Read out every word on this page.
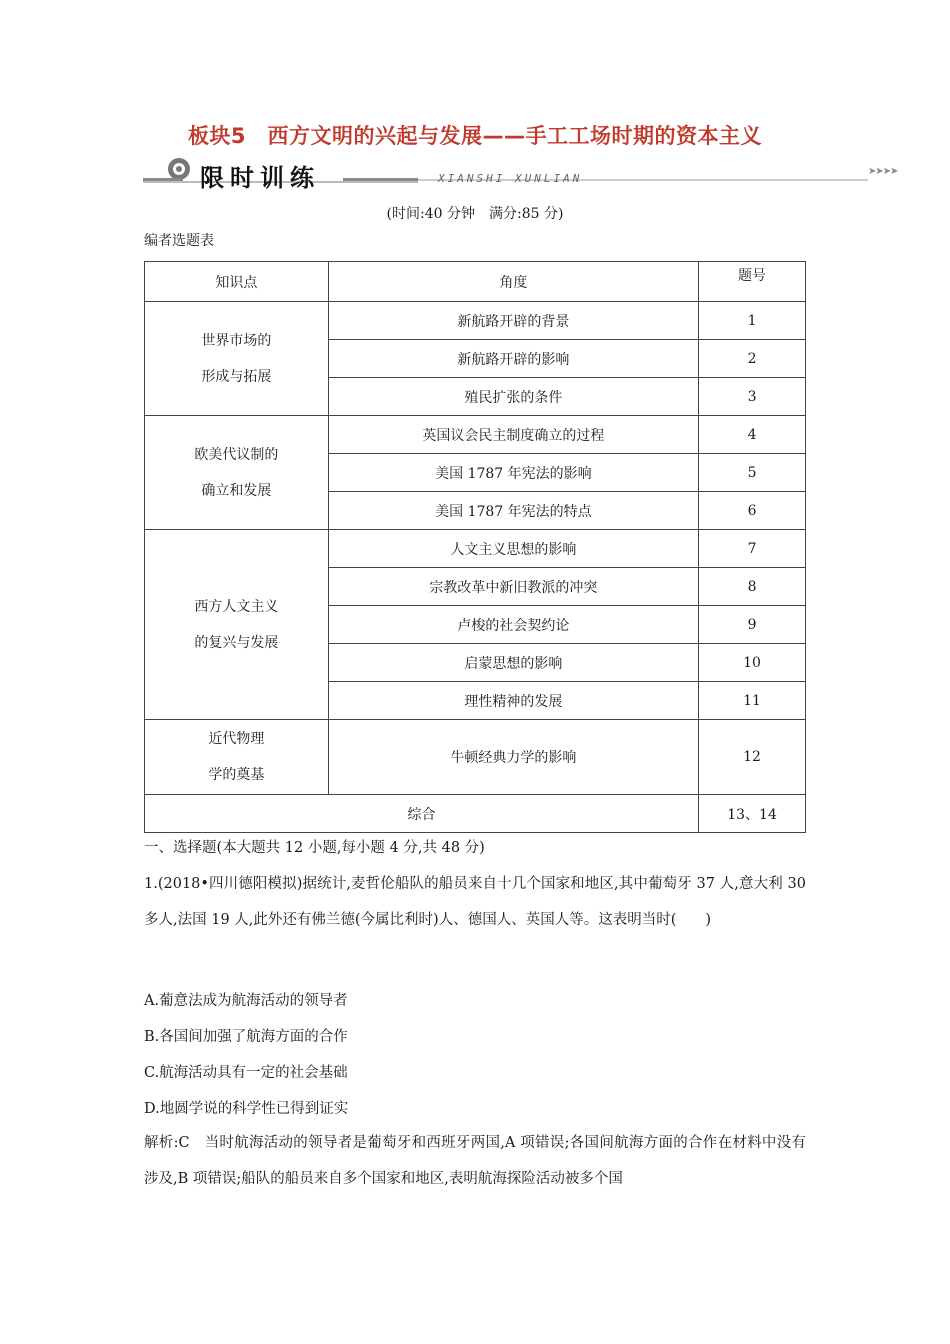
板块5　西方文明的兴起与发展——手工工场时期的资本主义
限时训练	XIANSHI XUNLIAN
➤➤➤➤
(时间:40 分钟　满分:85 分)
编者选题表
知识点	角度	题号

世界市场的
形成与拓展	新航路开辟的背景	1
	新航路开辟的影响	2
	殖民扩张的条件	3

欧美代议制的
确立和发展	英国议会民主制度确立的过程	4
	美国 1787 年宪法的影响	5
	美国 1787 年宪法的特点	6

西方人文主义
的复兴与发展	人文主义思想的影响	7
	宗教改革中新旧教派的冲突	8
	卢梭的社会契约论	9
	启蒙思想的影响	10
	理性精神的发展	11

近代物理
学的奠基	牛顿经典力学的影响	12
综合		13、14
一、选择题(本大题共 12 小题,每小题 4 分,共 48 分)
1.(2018•四川德阳模拟)据统计,麦哲伦船队的船员来自十几个国家和地区,其中葡萄牙 37 人,意大利 30 多人,法国 19 人,此外还有佛兰德(今属比利时)人、德国人、英国人等。这表明当时(　　)
A.葡意法成为航海活动的领导者
B.各国间加强了航海方面的合作
C.航海活动具有一定的社会基础
D.地圆学说的科学性已得到证实
解析:C　当时航海活动的领导者是葡萄牙和西班牙两国,A 项错误;各国间航海方面的合作在材料中没有涉及,B 项错误;船队的船员来自多个国家和地区,表明航海探险活动被多个国
